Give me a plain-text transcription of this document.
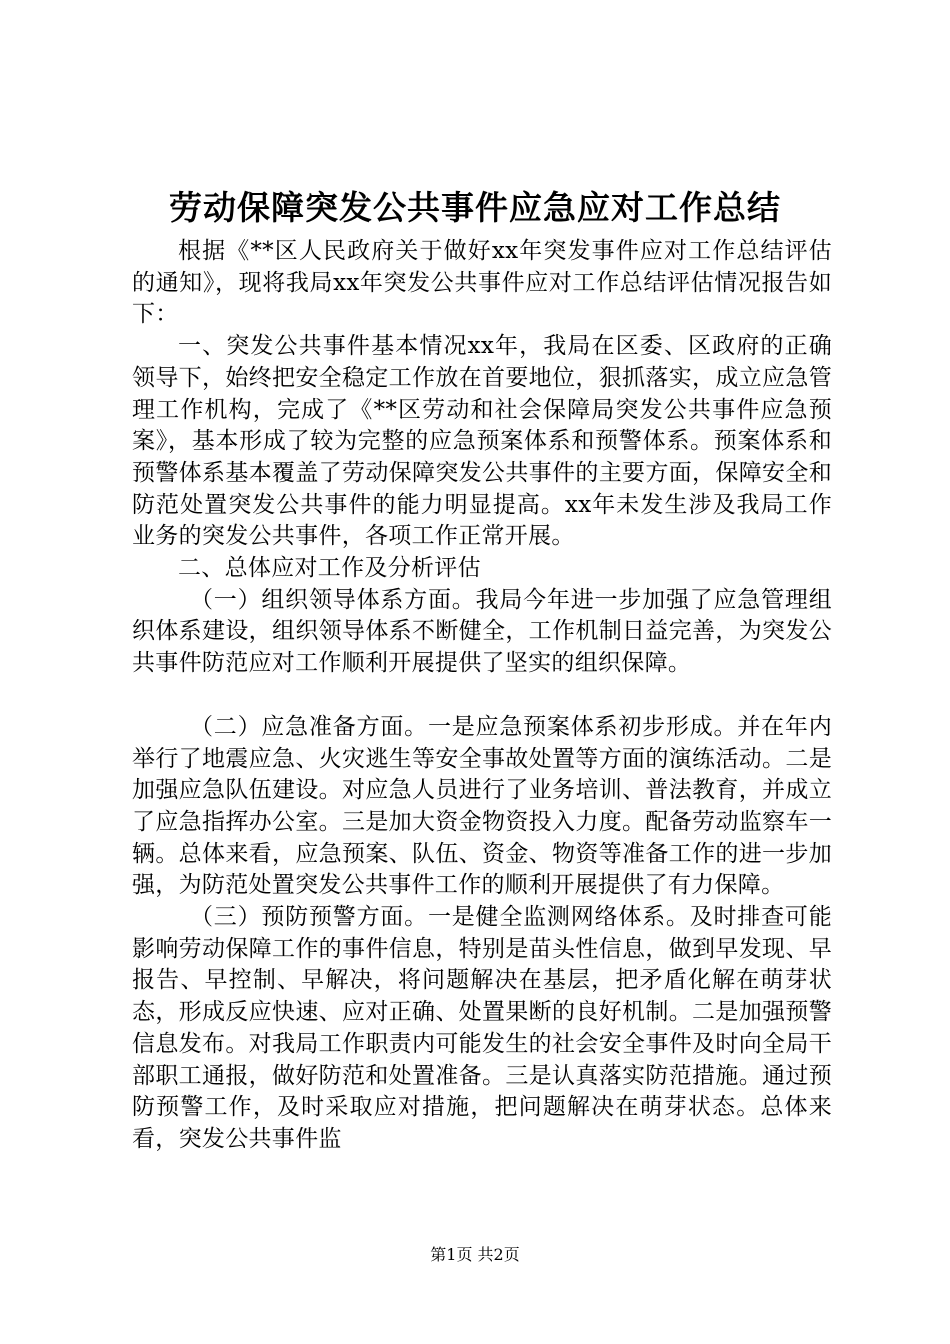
劳动保障突发公共事件应急应对工作总结

根据《**区人民政府关于做好xx年突发事件应对工作总结评估的通知》，现将我局xx年突发公共事件应对工作总结评估情况报告如下：

一、突发公共事件基本情况xx年，我局在区委、区政府的正确领导下，始终把安全稳定工作放在首要地位，狠抓落实，成立应急管理工作机构，完成了《**区劳动和社会保障局突发公共事件应急预案》，基本形成了较为完整的应急预案体系和预警体系。预案体系和预警体系基本覆盖了劳动保障突发公共事件的主要方面，保障安全和防范处置突发公共事件的能力明显提高。xx年未发生涉及我局工作业务的突发公共事件，各项工作正常开展。

二、总体应对工作及分析评估

（一）组织领导体系方面。我局今年进一步加强了应急管理组织体系建设，组织领导体系不断健全，工作机制日益完善，为突发公共事件防范应对工作顺利开展提供了坚实的组织保障。

（二）应急准备方面。一是应急预案体系初步形成。并在年内举行了地震应急、火灾逃生等安全事故处置等方面的演练活动。二是加强应急队伍建设。对应急人员进行了业务培训、普法教育，并成立了应急指挥办公室。三是加大资金物资投入力度。配备劳动监察车一辆。总体来看，应急预案、队伍、资金、物资等准备工作的进一步加强，为防范处置突发公共事件工作的顺利开展提供了有力保障。

（三）预防预警方面。一是健全监测网络体系。及时排查可能影响劳动保障工作的事件信息，特别是苗头性信息，做到早发现、早报告、早控制、早解决，将问题解决在基层，把矛盾化解在萌芽状态，形成反应快速、应对正确、处置果断的良好机制。二是加强预警信息发布。对我局工作职责内可能发生的社会安全事件及时向全局干部职工通报，做好防范和处置准备。三是认真落实防范措施。通过预防预警工作，及时采取应对措施，把问题解决在萌芽状态。总体来看，突发公共事件监

第1页 共2页
